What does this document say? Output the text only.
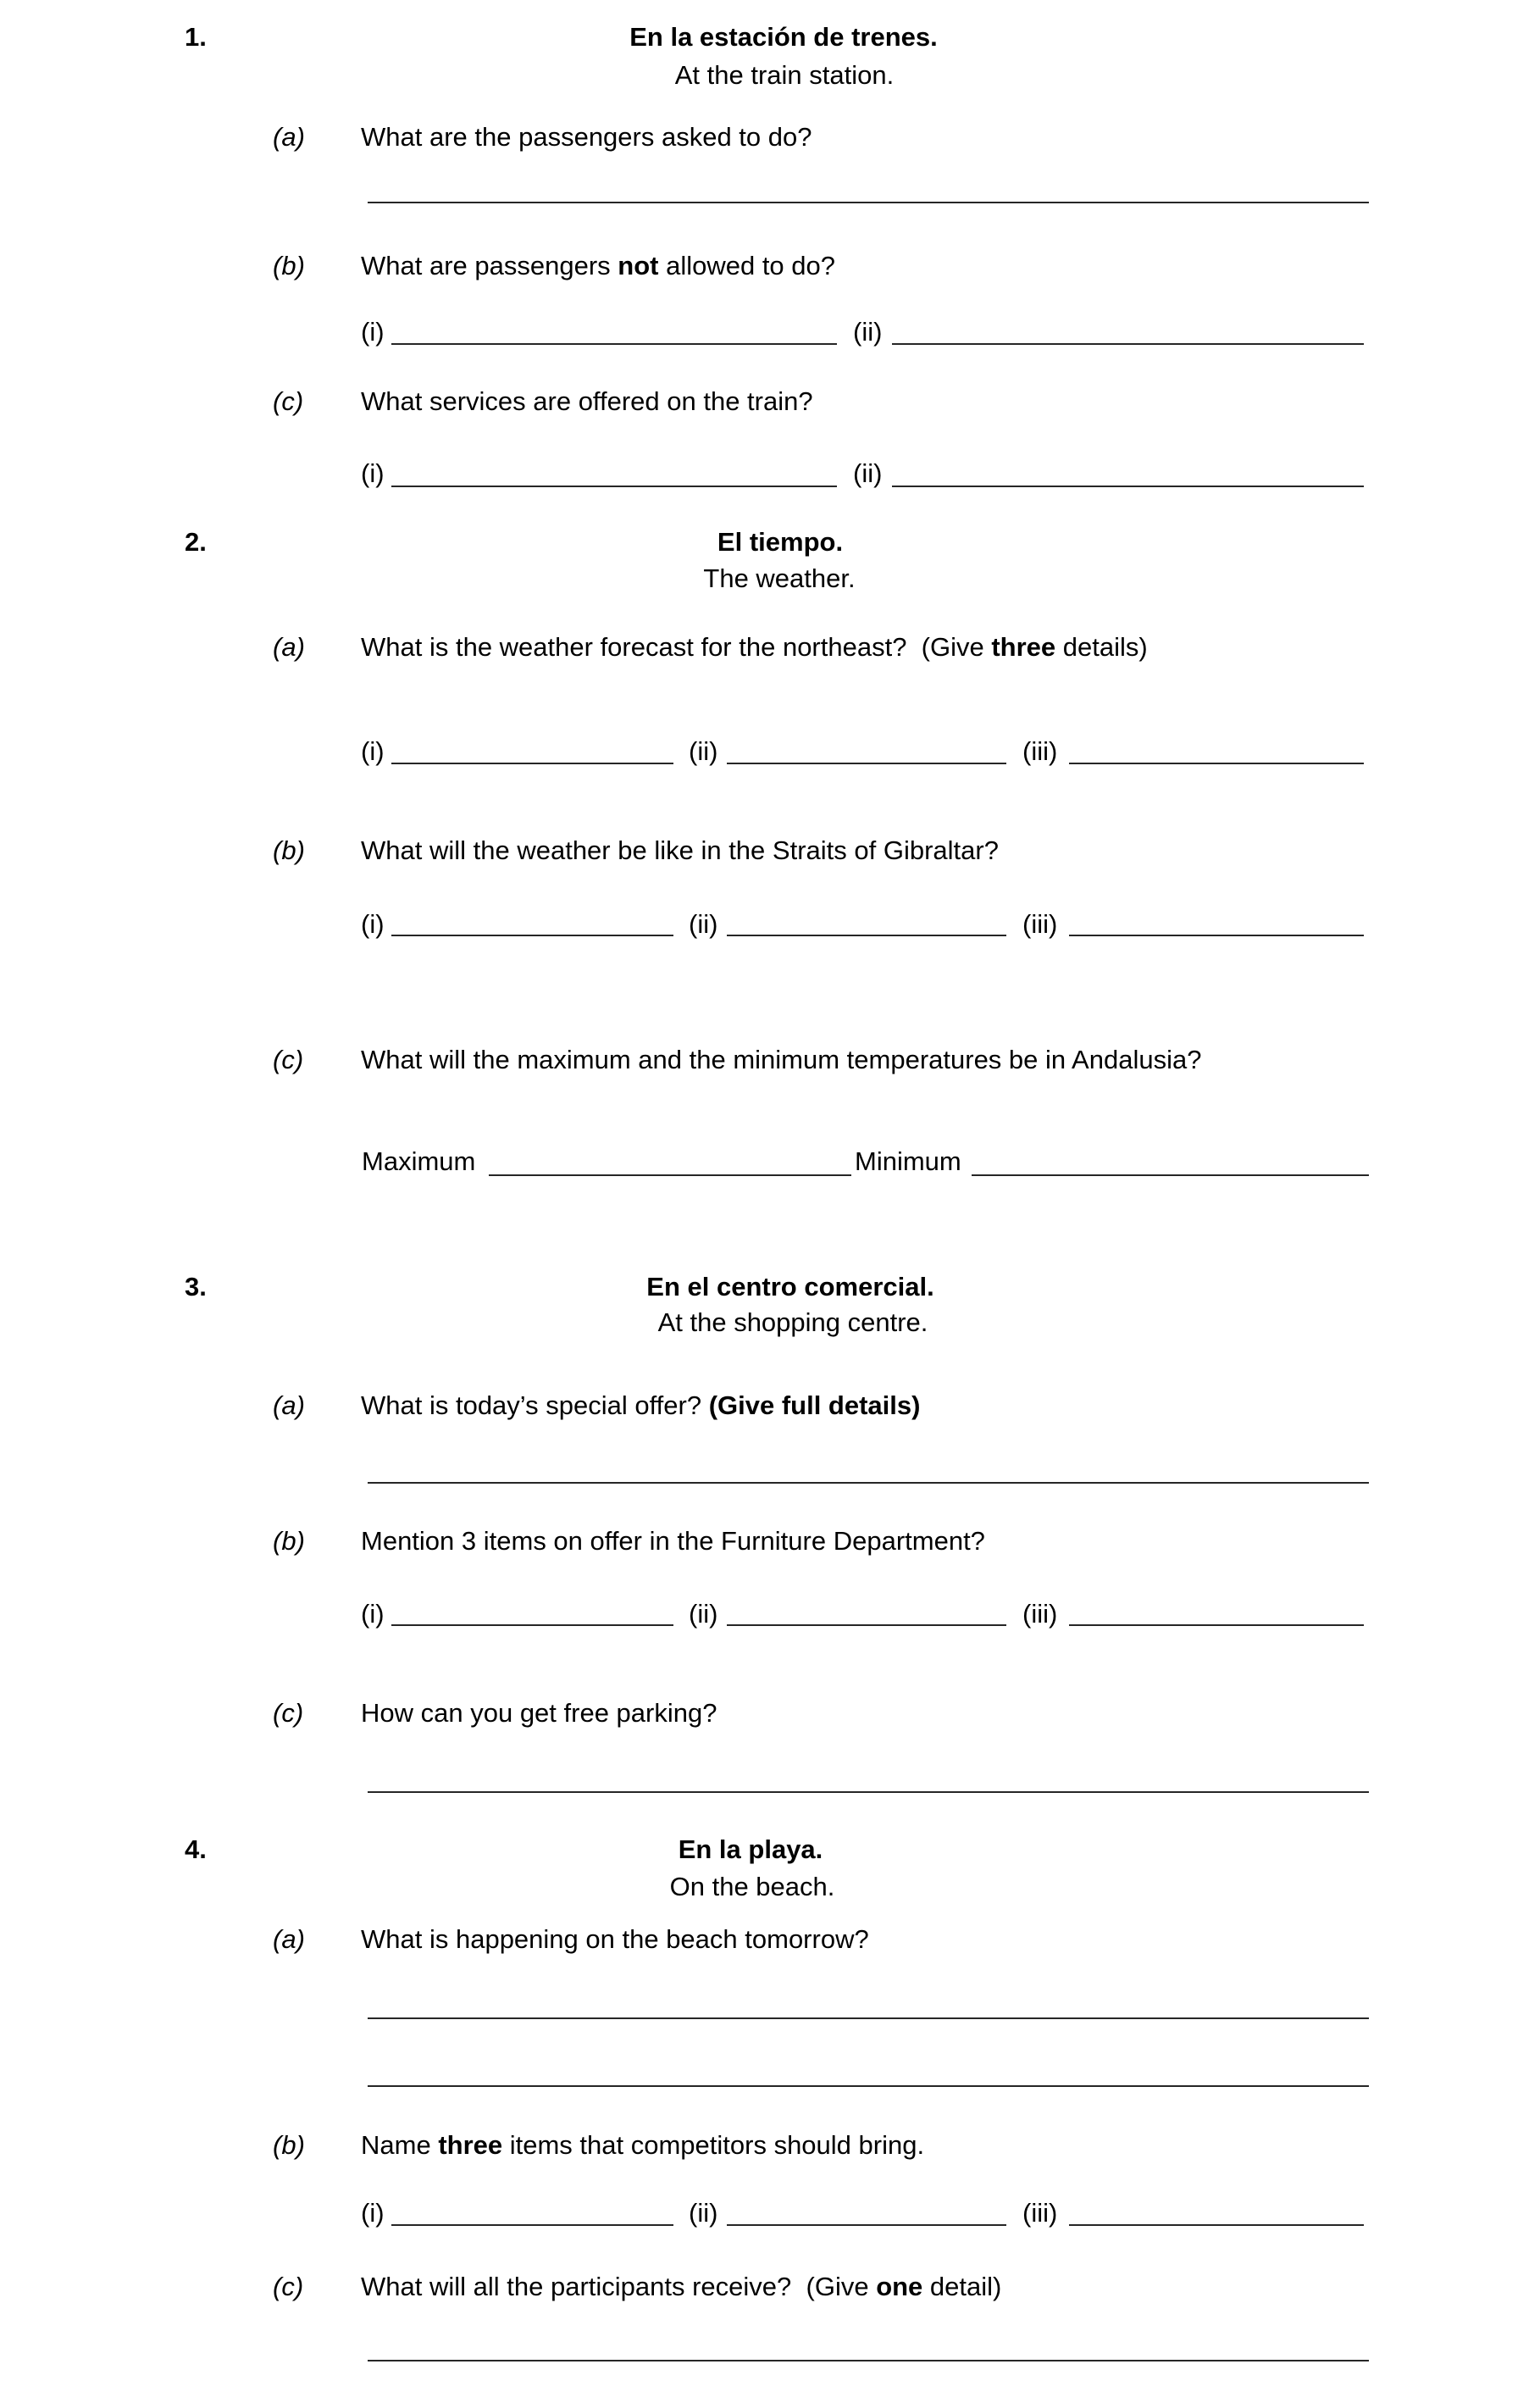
1.	En la estación de trenes.
At the train station.
(a) What are the passengers asked to do?
(b) What are passengers not allowed to do?
(i)	(ii)
(c) What services are offered on the train?
(i)	(ii)
2.	El tiempo.
The weather.
(a) What is the weather forecast for the northeast?  (Give three details)
(i)	(ii)	(iii)
(b) What will the weather be like in the Straits of Gibraltar?
(i)	(ii)	(iii)
(c) What will the maximum and the minimum temperatures be in Andalusia?
Maximum	Minimum
3.	En el centro comercial.
At the shopping centre.
(a) What is today’s special offer? (Give full details)
(b) Mention 3 items on offer in the Furniture Department?
(i)	(ii)	(iii)
(c) How can you get free parking?
4.	En la playa.
On the beach.
(a) What is happening on the beach tomorrow?
(b) Name three items that competitors should bring.
(i)	(ii)	(iii)
(c) What will all the participants receive?  (Give one detail)
